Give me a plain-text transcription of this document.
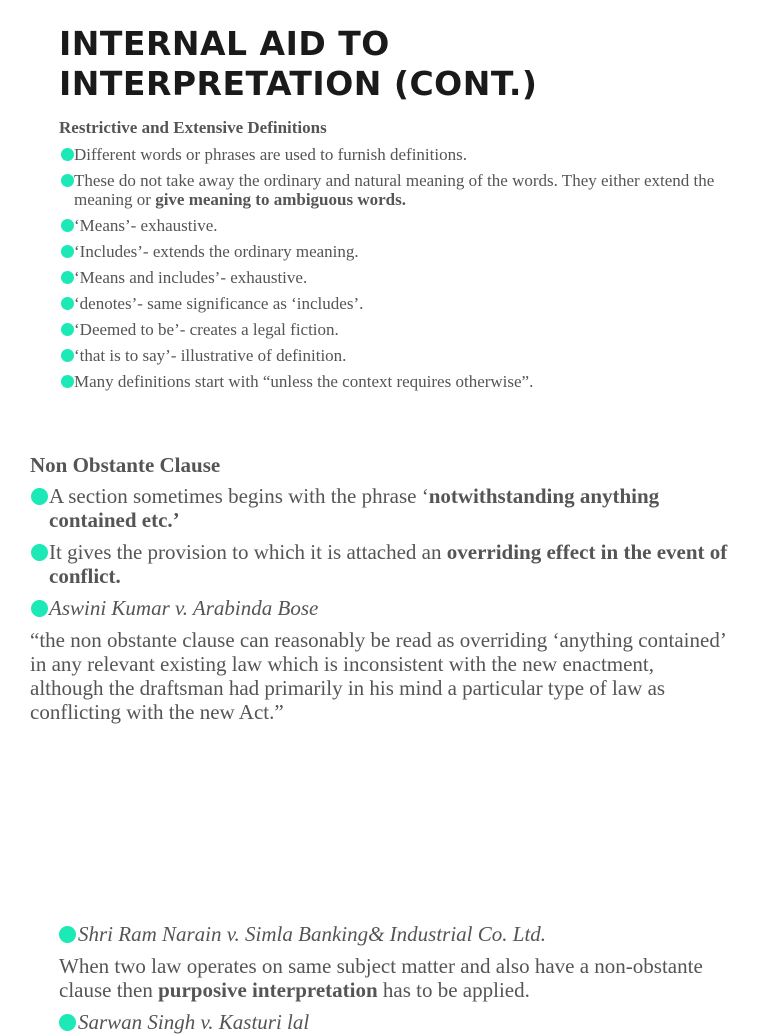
INTERNAL AID TO
INTERPRETATION (CONT.)
Restrictive and Extensive Definitions
Different words or phrases are used to furnish definitions.
These do not take away the ordinary and natural meaning of the words. They either extend the meaning or give meaning to ambiguous words.
‘Means’- exhaustive.
‘Includes’- extends the ordinary meaning.
‘Means and includes’- exhaustive.
‘denotes’- same significance as ‘includes’.
‘Deemed to be’- creates a legal fiction.
‘that is to say’- illustrative of definition.
Many definitions start with “unless the context requires otherwise”.
Non Obstante Clause
A section sometimes begins with the phrase ‘notwithstanding anything contained etc.’
It gives the provision to which it is attached an overriding effect in the event of conflict.
Aswini Kumar v. Arabinda Bose
“the non obstante clause can reasonably be read as overriding ‘anything contained’ in any relevant existing law which is inconsistent with the new enactment, although the draftsman had primarily in his mind a particular type of law as conflicting with the new Act.”
Shri Ram Narain v. Simla Banking& Industrial Co. Ltd.
When two law operates on same subject matter and also have a non-obstante clause then purposive interpretation has to be applied.
Sarwan Singh v. Kasturi lal
